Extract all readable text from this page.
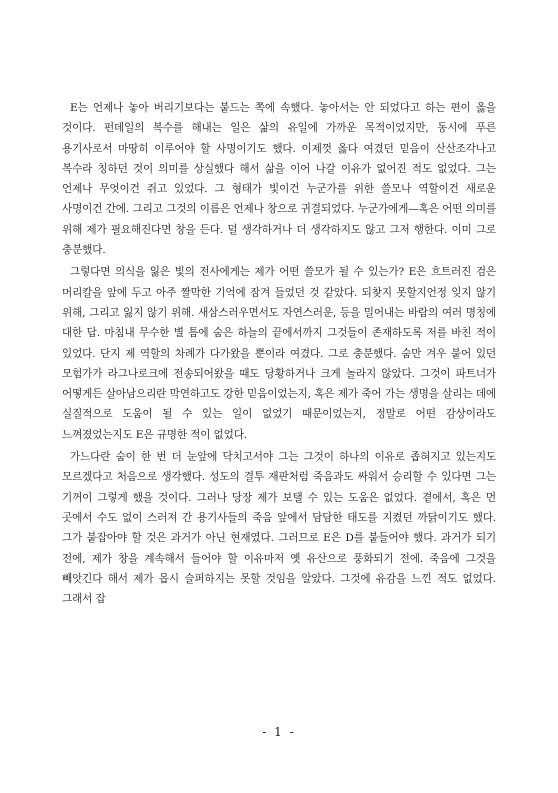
E는 언제나 놓아 버리기보다는 붙드는 쪽에 속했다. 놓아서는 안 되었다고 하는 편이 옳을 것이다. 펀데일의 복수를 해내는 일은 삶의 유일에 가까운 목적이었지만, 동시에 푸른 용기사로서 마땅히 이루어야 할 사명이기도 했다. 이제껏 옳다 여겼던 믿음이 산산조각나고 복수라 칭하던 것이 의미를 상실했다 해서 삶을 이어 나갈 이유가 없어진 적도 없었다. 그는 언제나 무엇이건 쥐고 있었다. 그 형태가 빛이건 누군가를 위한 쓸모나 역할이건 새로운 사명이건 간에. 그리고 그것의 이름은 언제나 창으로 귀결되었다. 누군가에게—혹은 어떤 의미를 위해 제가 필요해진다면 창을 든다. 덜 생각하거나 더 생각하지도 않고 그저 행한다. 이미 그로 충분했다.

그렇다면 의식을 잃은 빛의 전사에게는 제가 어떤 쓸모가 될 수 있는가? E은 흐트러진 검은 머리칼을 앞에 두고 아주 짤막한 기억에 잠겨 들었던 것 같았다. 되찾지 못할지언정 잊지 않기 위해, 그리고 잃지 않기 위해. 새삼스러우면서도 자연스러운, 등을 밀어내는 바람의 여러 명칭에 대한 답. 마침내 무수한 별 틈에 숨은 하늘의 끝에서까지 그것들이 존재하도록 저를 바친 적이 있었다. 단지 제 역할의 차례가 다가왔을 뿐이라 여겼다. 그로 충분했다. 숨만 겨우 붙어 있던 모험가가 라그나로크에 전송되어왔을 때도 당황하거나 크게 놀라지 않았다. 그것이 파트너가 어떻게든 살아남으리란 막연하고도 강한 믿음이었는지, 혹은 제가 죽어 가는 생명을 살리는 데에 실질적으로 도움이 될 수 있는 일이 없었기 때문이었는지, 정말로 어떤 감상이라도 느껴졌었는지도 E은 규명한 적이 없었다.

가느다란 숨이 한 번 더 눈앞에 닥치고서야 그는 그것이 하나의 이유로 좁혀지고 있는지도 모르겠다고 처음으로 생각했다. 성도의 결투 재판처럼 죽음과도 싸워서 승리할 수 있다면 그는 기꺼이 그렇게 했을 것이다. 그러나 당장 제가 보탤 수 있는 도움은 없었다. 곁에서, 혹은 먼 곳에서 수도 없이 스러져 간 용기사들의 죽음 앞에서 담담한 태도를 지켰던 까닭이기도 했다. 그가 붙잡아야 할 것은 과거가 아닌 현재였다. 그러므로 E은 D를 붙들어야 했다. 과거가 되기 전에, 제가 창을 계속해서 들어야 할 이유마저 옛 유산으로 풍화되기 전에. 죽음에 그것을 빼앗긴다 해서 제가 몹시 슬퍼하지는 못할 것임을 알았다. 그것에 유감을 느낀 적도 없었다. 그래서 잡

- 1 -
